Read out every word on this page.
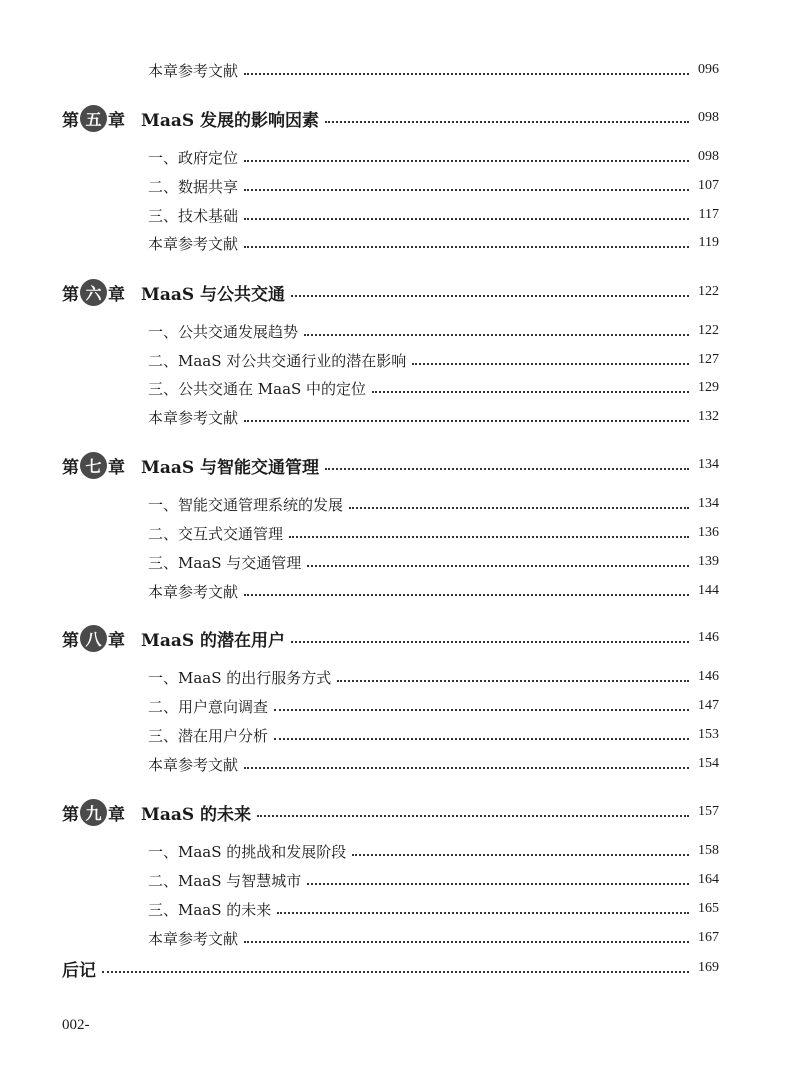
本章参考文献	096
第 五 章 MaaS 发展的影响因素	098
一、政府定位	098
二、数据共享	107
三、技术基础	117
本章参考文献	119
第 六 章 MaaS 与公共交通	122
一、公共交通发展趋势	122
二、MaaS 对公共交通行业的潜在影响	127
三、公共交通在 MaaS 中的定位	129
本章参考文献	132
第 七 章 MaaS 与智能交通管理	134
一、智能交通管理系统的发展	134
二、交互式交通管理	136
三、MaaS 与交通管理	139
本章参考文献	144
第 八 章 MaaS 的潜在用户	146
一、MaaS 的出行服务方式	146
二、用户意向调查	147
三、潜在用户分析	153
本章参考文献	154
第 九 章 MaaS 的未来	157
一、MaaS 的挑战和发展阶段	158
二、MaaS 与智慧城市	164
三、MaaS 的未来	165
本章参考文献	167
后记	169
002-
